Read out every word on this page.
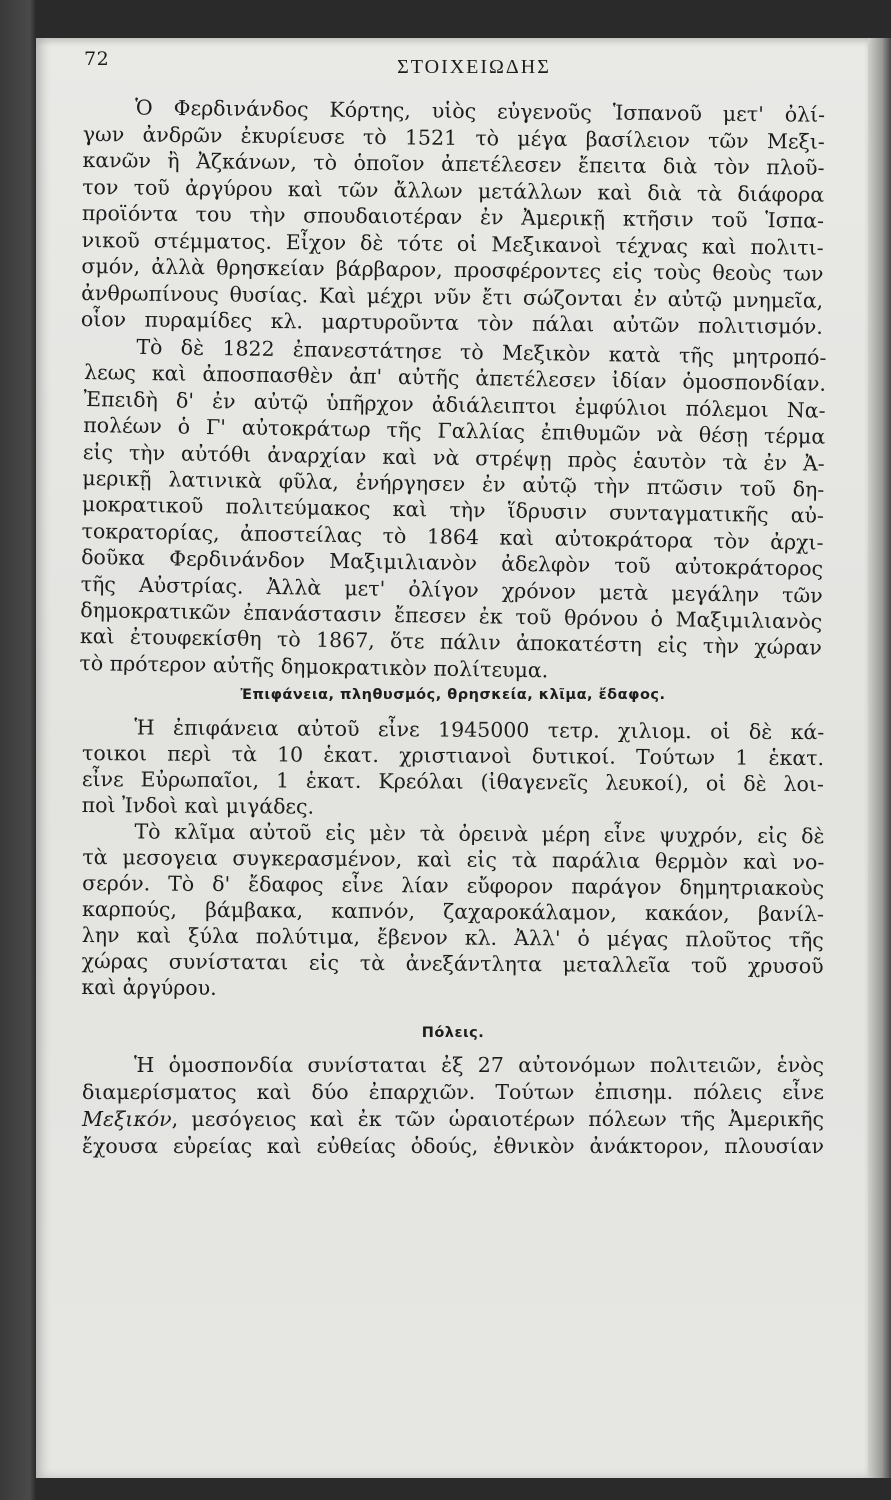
72	ΣΤΟΙΧΕΙΩΔΗΣ
Ὁ Φερδινάνδος Κόρτης, υἱὸς εὐγενοῦς Ἱσπανοῦ μετ' ὀλί-
γων ἀνδρῶν ἐκυρίευσε τὸ 1521 τὸ μέγα βασίλειον τῶν Μεξι-
κανῶν ἢ Ἀζκάνων, τὸ ὁποῖον ἀπετέλεσεν ἔπειτα διὰ τὸν πλοῦ-
τον τοῦ ἀργύρου καὶ τῶν ἄλλων μετάλλων καὶ διὰ τὰ διάφορα
προϊόντα του τὴν σπουδαιοτέραν ἐν Ἀμερικῇ κτῆσιν τοῦ Ἱσπα-
νικοῦ στέμματος. Εἶχον δὲ τότε οἱ Μεξικανοὶ τέχνας καὶ πολιτι-
σμόν, ἀλλὰ θρησκείαν βάρβαρον, προσφέροντες εἰς τοὺς θεοὺς των
ἀνθρωπίνους θυσίας. Καὶ μέχρι νῦν ἔτι σώζονται ἐν αὐτῷ μνημεῖα,
οἷον πυραμίδες κλ. μαρτυροῦντα τὸν πάλαι αὐτῶν πολιτισμόν.
Τὸ δὲ 1822 ἐπανεστάτησε τὸ Μεξικὸν κατὰ τῆς μητροπό-
λεως καὶ ἀποσπασθὲν ἀπ' αὐτῆς ἀπετέλεσεν ἰδίαν ὁμοσπονδίαν.
Ἐπειδὴ δ' ἐν αὐτῷ ὑπῆρχον ἀδιάλειπτοι ἐμφύλιοι πόλεμοι Να-
πολέων ὁ Γ' αὐτοκράτωρ τῆς Γαλλίας ἐπιθυμῶν νὰ θέσῃ τέρμα
εἰς τὴν αὐτόθι ἀναρχίαν καὶ νὰ στρέψῃ πρὸς ἑαυτὸν τὰ ἐν Ἀ-
μερικῇ λατινικὰ φῦλα, ἐνήργησεν ἐν αὐτῷ τὴν πτῶσιν τοῦ δη-
μοκρατικοῦ πολιτεύμακος καὶ τὴν ἵδρυσιν συνταγματικῆς αὐ-
τοκρατορίας, ἀποστείλας τὸ 1864 καὶ αὐτοκράτορα τὸν ἀρχι-
δοῦκα Φερδινάνδον Μαξιμιλιανὸν ἀδελφὸν τοῦ αὐτοκράτορος
τῆς Αὐστρίας. Ἀλλὰ μετ' ὀλίγον χρόνον μετὰ μεγάλην τῶν
δημοκρατικῶν ἐπανάστασιν ἔπεσεν ἐκ τοῦ θρόνου ὁ Μαξιμιλιανὸς
καὶ ἐτουφεκίσθη τὸ 1867, ὅτε πάλιν ἀποκατέστη εἰς τὴν χώραν
τὸ πρότερον αὐτῆς δημοκρατικὸν πολίτευμα.
Ἐπιφάνεια, πληθυσμός, θρησκεία, κλῖμα, ἔδαφος.
Ἡ ἐπιφάνεια αὐτοῦ εἶνε 1945000 τετρ. χιλιομ. οἱ δὲ κά-
τοικοι περὶ τὰ 10 ἑκατ. χριστιανοὶ δυτικοί. Τούτων 1 ἑκατ.
εἶνε Εὐρωπαῖοι, 1 ἑκατ. Κρεόλαι (ἰθαγενεῖς λευκοί), οἱ δὲ λοι-
ποὶ Ἰνδοὶ καὶ μιγάδες.
Τὸ κλῖμα αὐτοῦ εἰς μὲν τὰ ὀρεινὰ μέρη εἶνε ψυχρόν, εἰς δὲ
τὰ μεσογεια συγκερασμένον, καὶ εἰς τὰ παράλια θερμὸν καὶ νο-
σερόν. Τὸ δ' ἔδαφος εἶνε λίαν εὔφορον παράγον δημητριακοὺς
καρπούς, βάμβακα, καπνόν, ζαχαροκάλαμον, κακάον, βανίλ-
λην καὶ ξύλα πολύτιμα, ἔβενον κλ. Ἀλλ' ὁ μέγας πλοῦτος τῆς
χώρας συνίσταται εἰς τὰ ἀνεξάντλητα μεταλλεῖα τοῦ χρυσοῦ
καὶ ἀργύρου.
Πόλεις.
Ἡ ὁμοσπονδία συνίσταται ἐξ 27 αὐτονόμων πολιτειῶν, ἑνὸς
διαμερίσματος καὶ δύο ἐπαρχιῶν. Τούτων ἐπισημ. πόλεις εἶνε
Μεξικόν, μεσόγειος καὶ ἐκ τῶν ὡραιοτέρων πόλεων τῆς Ἀμερικῆς
ἔχουσα εὐρείας καὶ εὐθείας ὁδούς, ἐθνικὸν ἀνάκτορον, πλουσίαν
